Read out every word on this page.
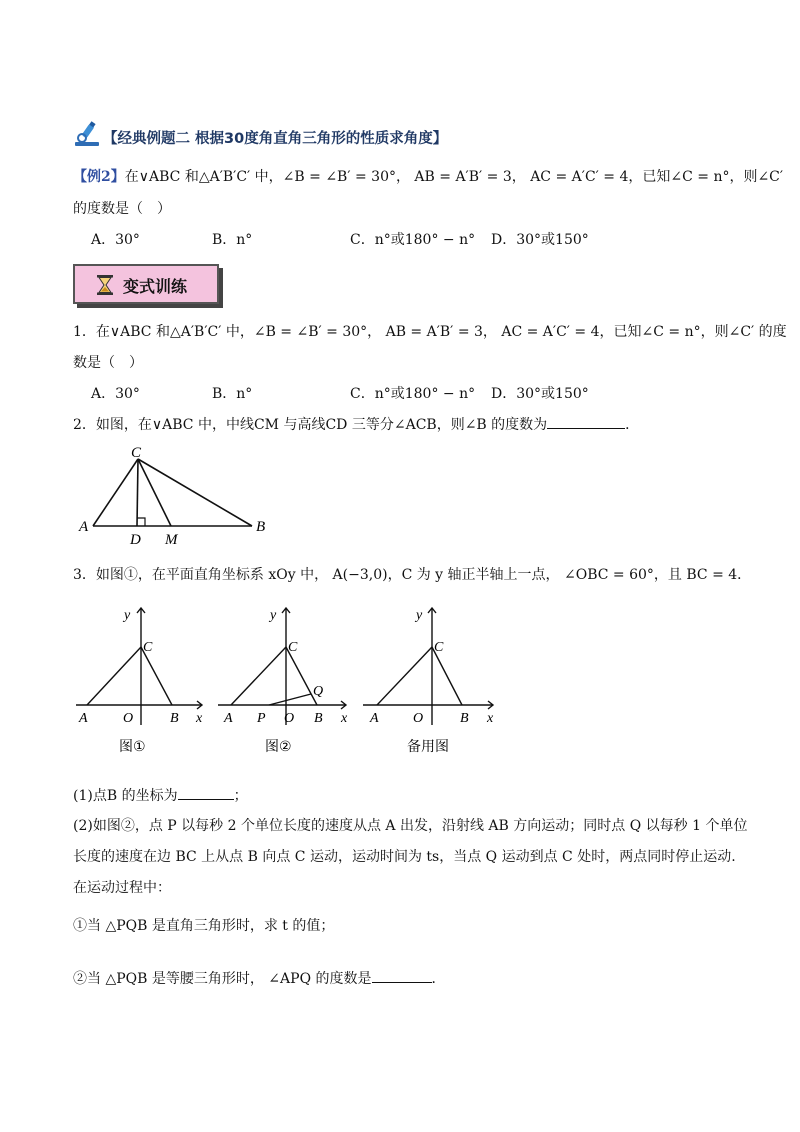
【经典例题二 根据30度角直角三角形的性质求角度】
【例2】在∨ABC 和△A′B′C′ 中，∠B = ∠B′ = 30°， AB = A′B′ = 3， AC = A′C′ = 4，已知∠C = n°，则∠C′
的度数是（　）
A．30°	B．n°	C．n°或180° − n° D．30°或150°
变式训练
1．在∨ABC 和△A′B′C′ 中，∠B = ∠B′ = 30°， AB = A′B′ = 3， AC = A′C′ = 4，已知∠C = n°，则∠C′ 的度
数是（　）
A．30°	B．n°	C．n°或180° − n° D．30°或150°
2．如图，在∨ABC 中，中线CM 与高线CD 三等分∠ACB，则∠B 的度数为	．
C
A	B
D M
3．如图①，在平面直角坐标系 xOy 中， A(−3,0)，C 为 y 轴正半轴上一点， ∠OBC = 60°，且 BC = 4．
y
C
A	O	B x
图①
y
C
Q
A P O B x
图②
y
C
A O	B x
备用图
(1)点B 的坐标为	；
(2)如图②，点 P 以每秒 2 个单位长度的速度从点 A 出发，沿射线 AB 方向运动；同时点 Q 以每秒 1 个单位
长度的速度在边 BC 上从点 B 向点 C 运动，运动时间为 ts，当点 Q 运动到点 C 处时，两点同时停止运动.
在运动过程中：
①当 △PQB 是直角三角形时，求 t 的值；
②当 △PQB 是等腰三角形时， ∠APQ 的度数是	．
